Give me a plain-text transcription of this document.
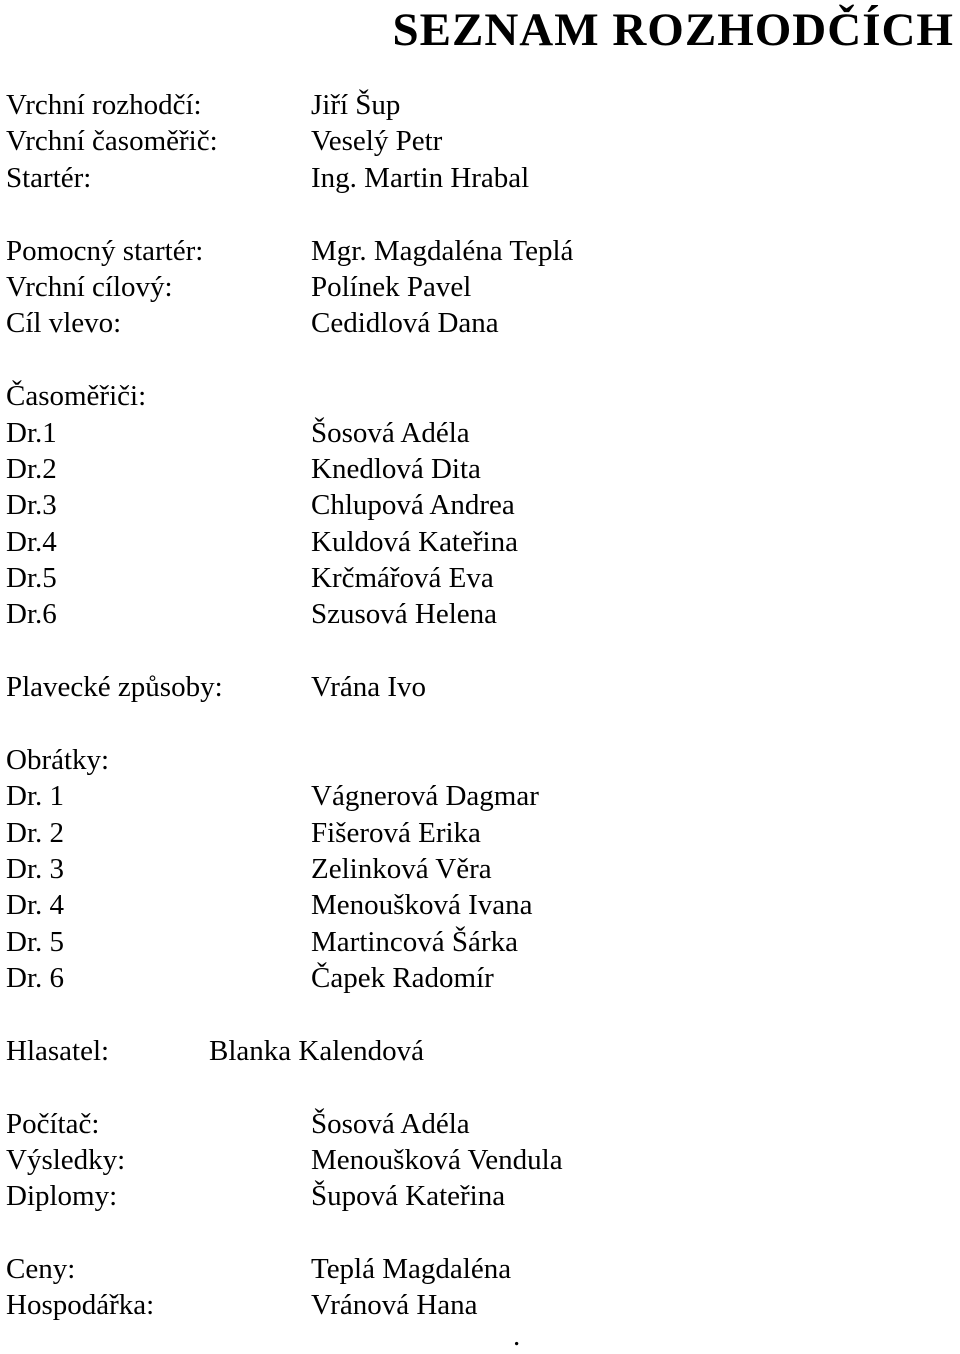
SEZNAM ROZHODČÍCH
Vrchní rozhodčí:	Jiří Šup
Vrchní časoměřič:	Veselý Petr
Startér:	Ing. Martin Hrabal
Pomocný startér:	Mgr. Magdaléna Teplá
Vrchní cílový:	Polínek Pavel
Cíl vlevo:	Cedidlová Dana
Časoměřiči:
Dr.1	Šosová Adéla
Dr.2	Knedlová Dita
Dr.3	Chlupová Andrea
Dr.4	Kuldová Kateřina
Dr.5	Krčmářová Eva
Dr.6	Szusová Helena
Plavecké způsoby:	Vrána Ivo
Obrátky:
Dr. 1	Vágnerová Dagmar
Dr. 2	Fišerová Erika
Dr. 3	Zelinková Věra
Dr. 4	Menoušková Ivana
Dr. 5	Martincová Šárka
Dr. 6	Čapek Radomír
Hlasatel:	Blanka Kalendová
Počítač:	Šosová Adéla
Výsledky:	Menoušková Vendula
Diplomy:	Šupová Kateřina
Ceny:	Teplá Magdaléna
Hospodářka:	Vránová Hana
.
